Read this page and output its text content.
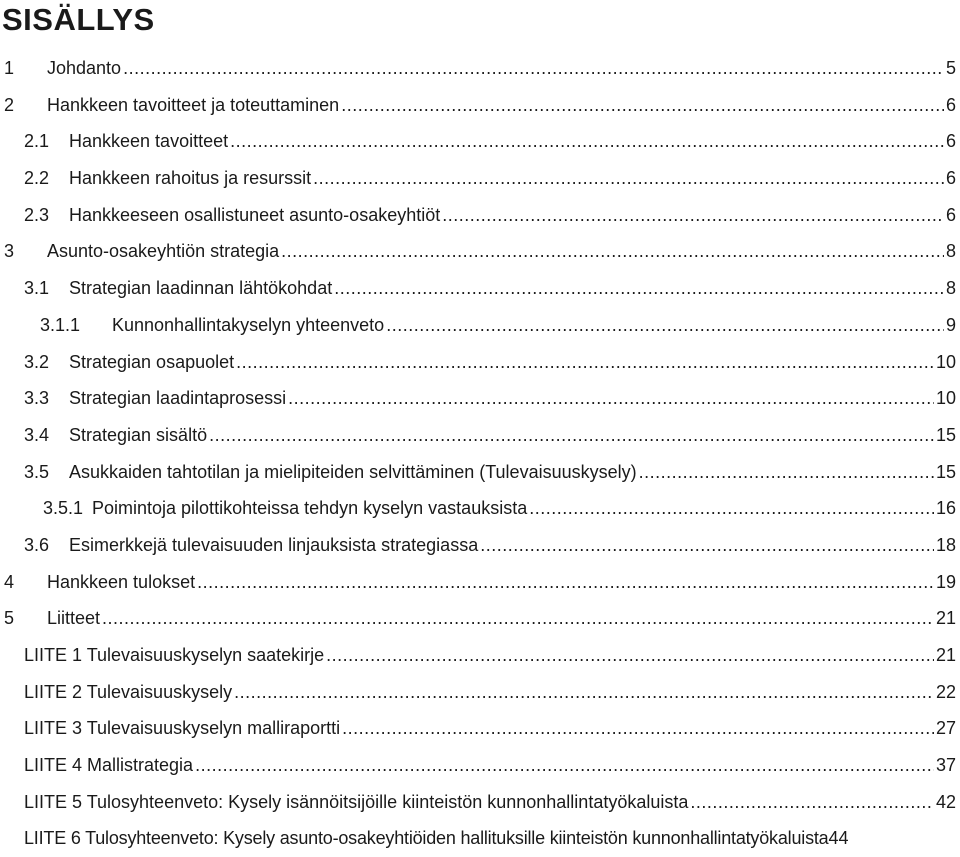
SISÄLLYS
1 Johdanto .....	5
2 Hankkeen tavoitteet ja toteuttaminen .....	6
2.1 Hankkeen tavoitteet .....	6
2.2 Hankkeen rahoitus ja resurssit .....	6
2.3 Hankkeeseen osallistuneet asunto-osakeyhtiöt .....	6
3 Asunto-osakeyhtiön strategia .....	8
3.1 Strategian laadinnan lähtökohdat .....	8
3.1.1 Kunnonhallintakyselyn yhteenveto .....	9
3.2 Strategian osapuolet .....	10
3.3 Strategian laadintaprosessi .....	10
3.4 Strategian sisältö .....	15
3.5 Asukkaiden tahtotilan ja mielipiteiden selvittäminen (Tulevaisuuskysely) .....	15
3.5.1 Poimintoja pilottikohteissa tehdyn kyselyn vastauksista .....	16
3.6 Esimerkkejä tulevaisuuden linjauksista strategiassa .....	18
4 Hankkeen tulokset .....	19
5 Liitteet .....	21
LIITE 1 Tulevaisuuskyselyn saatekirje .....	21
LIITE 2 Tulevaisuuskysely .....	22
LIITE 3 Tulevaisuuskyselyn malliraportti .....	27
LIITE 4 Mallistrategia .....	37
LIITE 5 Tulosyhteenveto: Kysely isännöitsijöille kiinteistön kunnonhallintatyökaluista .....	42
LIITE 6 Tulosyhteenveto: Kysely asunto-osakeyhtiöiden hallituksille kiinteistön kunnonhallintatyökaluista 44
